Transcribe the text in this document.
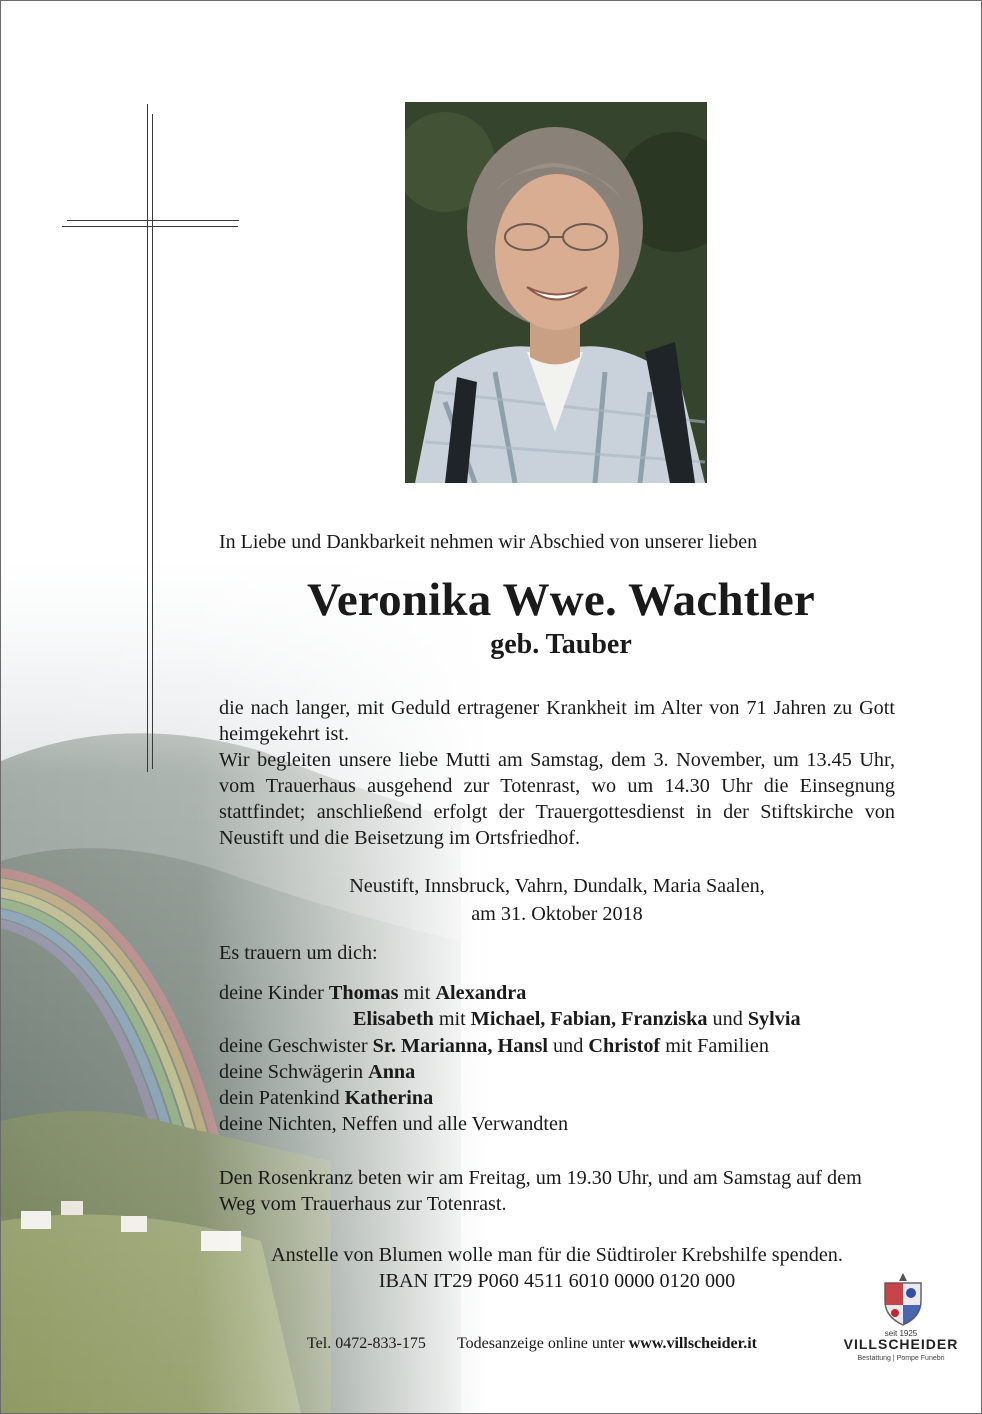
In Liebe und Dankbarkeit nehmen wir Abschied von unserer lieben
Veronika Wwe. Wachtler
geb. Tauber

die nach langer, mit Geduld ertragener Krankheit im Alter von 71 Jahren zu Gott heimgekehrt ist.

Wir begleiten unsere liebe Mutti am Samstag, dem 3. November, um 13.45 Uhr, vom Trauerhaus ausgehend zur Totenrast, wo um 14.30 Uhr die Einsegnung stattfindet; anschließend erfolgt der Trauergottesdienst in der Stiftskirche von Neustift und die Beisetzung im Ortsfriedhof.

Neustift, Innsbruck, Vahrn, Dundalk, Maria Saalen,
am 31. Oktober 2018
Es trauern um dich:
deine Kinder Thomas mit Alexandra
Elisabeth mit Michael, Fabian, Franziska und Sylvia
deine Geschwister Sr. Marianna, Hansl und Christof mit Familien
deine Schwägerin Anna
dein Patenkind Katherina
deine Nichten, Neffen und alle Verwandten
Den Rosenkranz beten wir am Freitag, um 19.30 Uhr, und am Samstag auf dem Weg vom Trauerhaus zur Totenrast.
Anstelle von Blumen wolle man für die Südtiroler Krebshilfe spenden.
IBAN IT29 P060 4511 6010 0000 0120 000
Tel. 0472-833-175 Todesanzeige online unter www.villscheider.it
seit 1925
VILLSCHEIDER
Bestattung | Pompe Funebri
